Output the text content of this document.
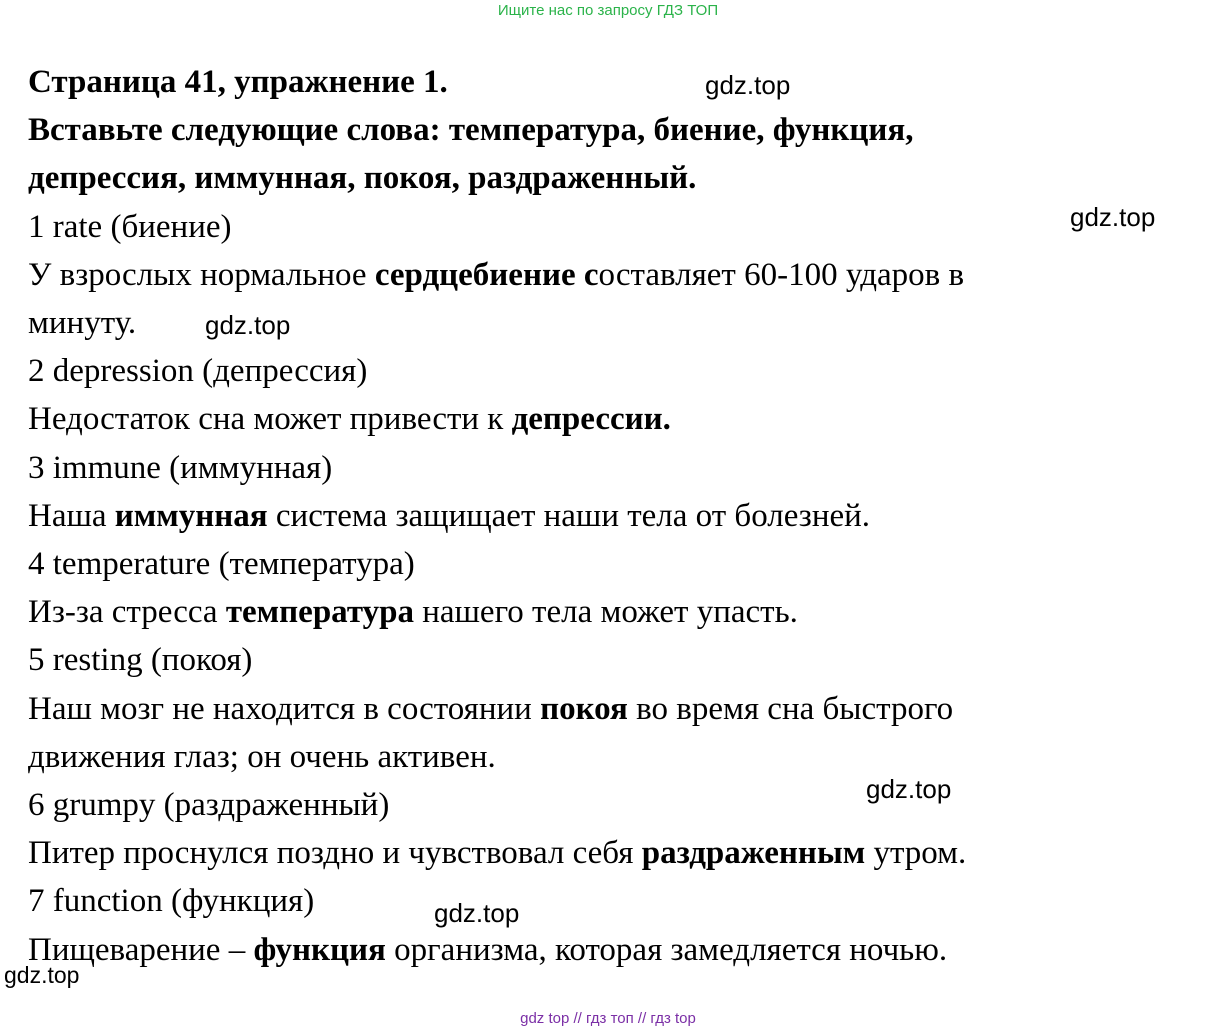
Ищите нас по запросу ГДЗ ТОП
Страница 41, упражнение 1.
Вставьте следующие слова: температура, биение, функция,
депрессия, иммунная, покоя, раздраженный.
1 rate (биение)
У взрослых нормальное сердцебиение составляет 60-100 ударов в
минуту.
2 depression (депрессия)
Недостаток сна может привести к депрессии.
3 immune (иммунная)
Наша иммунная система защищает наши тела от болезней.
4 temperature (температура)
Из-за стресса температура нашего тела может упасть.
5 resting (покоя)
Наш мозг не находится в состоянии покоя во время сна быстрого
движения глаз; он очень активен.
6 grumpy (раздраженный)
Питер проснулся поздно и чувствовал себя раздраженным утром.
7 function (функция)
Пищеварение – функция организма, которая замедляется ночью.
gdz.top
gdz.top
gdz.top
gdz.top
gdz.top
gdz.top
gdz top // гдз топ // гдз top
